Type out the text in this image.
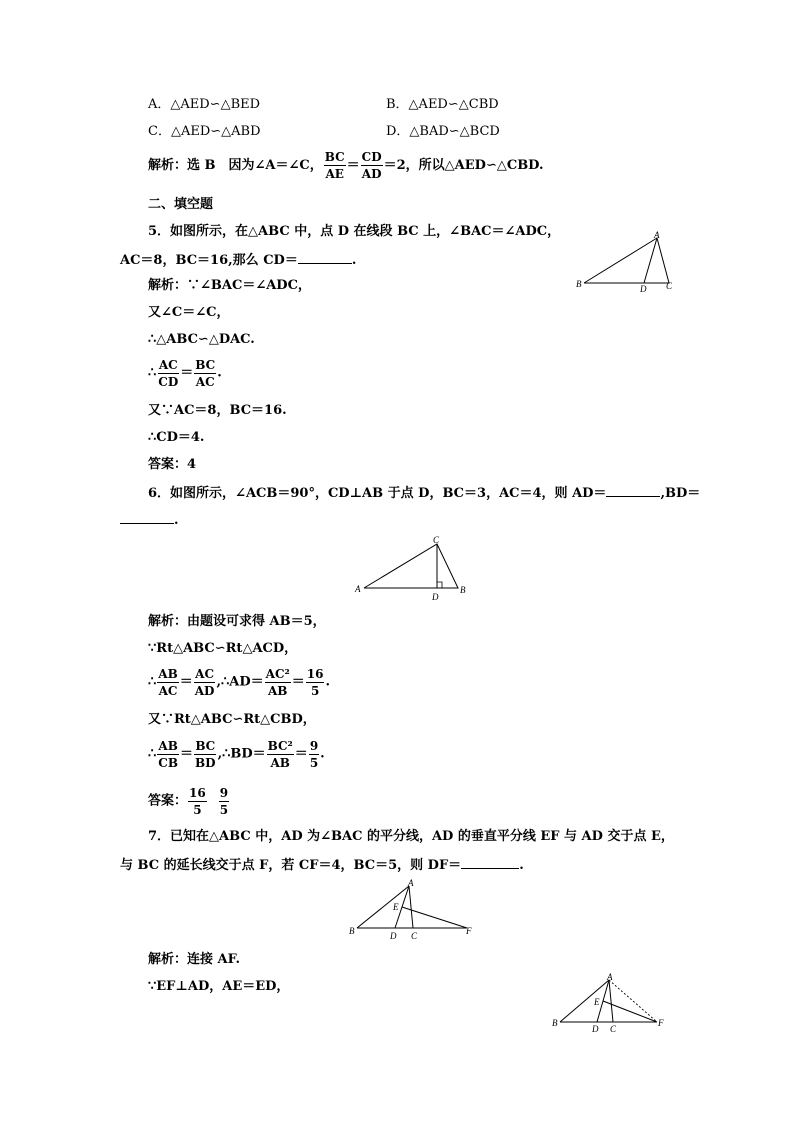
A．△AED∽△BED	B．△AED∽△CBD
C．△AED∽△ABD	D．△BAD∽△BCD
解析：选 B　因为∠A＝∠C， $\frac{BC}{AE} = \frac{CD}{AD} =2$，所以△AED∽△CBD.
二、填空题
5．如图所示，在△ABC 中，点 D 在线段 BC 上，∠BAC＝∠ADC，
AC＝8，BC＝16,那么 CD＝	.
解析：∵∠BAC＝∠ADC，
又∠C＝∠C，
∴△ABC∽△DAC.
∴ $\frac{AC}{CD} = \frac{BC}{AC}$ .
又∵AC＝8，BC＝16.
∴CD＝4.
答案：4
A
B	D C
6．如图所示，∠ACB＝90°，CD⊥AB 于点 D，BC＝3，AC＝4，则 AD＝	,BD＝
.
C
A
D
B
解析：由题设可求得 AB＝5，
∵Rt△ABC∽Rt△ACD，
∴ $\frac{AB}{AC} = \frac{AC}{AD}$ ,∴AD＝ $\frac{\text{AC²}}{AB} = \frac{16}{5}$ .
又∵Rt△ABC∽Rt△CBD，
∴ $\frac{AB}{CB} = \frac{BC}{BD}$ ,∴BD＝ $\frac{\text{BC²}}{AB} = \frac{9}{5}$ .
答案： $\frac{16}{5} \frac{9}{5}$
7．已知在△ABC 中，AD 为∠BAC 的平分线，AD 的垂直平分线 EF 与 AD 交于点 E，
与 BC 的延长线交于点 F，若 CF＝4，BC＝5，则 DF＝	.
A
E
B	D C	F
解析：连接 AF.
∵EF⊥AD，AE＝ED，
A
E
B
D C
F
